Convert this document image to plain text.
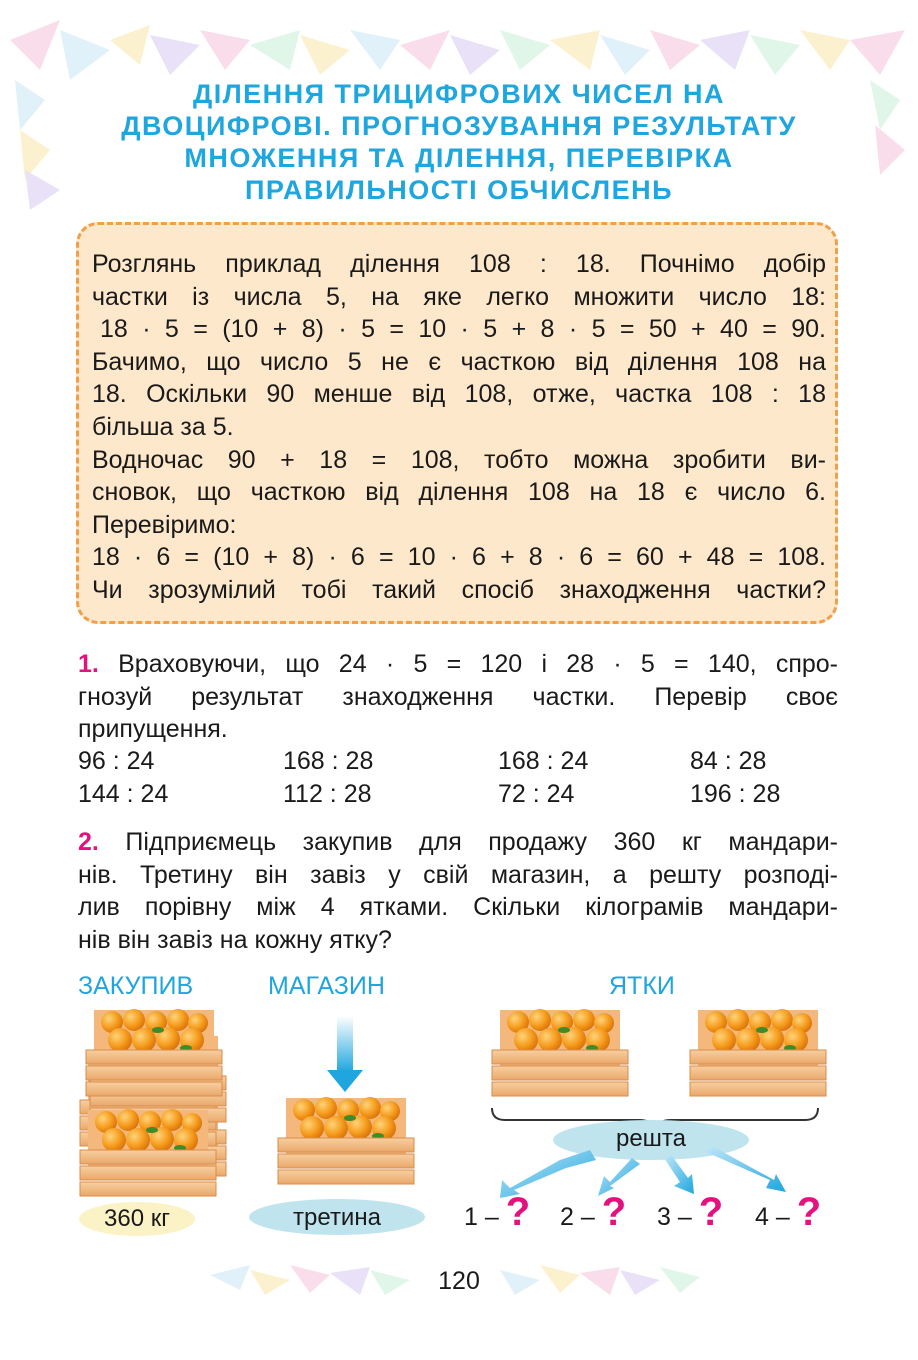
ДІЛЕННЯ ТРИЦИФРОВИХ ЧИСЕЛ НА
ДВОЦИФРОВІ. ПРОГНОЗУВАННЯ РЕЗУЛЬТАТУ
МНОЖЕННЯ ТА ДІЛЕННЯ, ПЕРЕВІРКА
ПРАВИЛЬНОСТІ ОБЧИСЛЕНЬ
Розглянь приклад ділення 108 : 18. Почнімо добір
частки із числа 5, на яке легко множити число 18:
18 · 5 = (10 + 8) · 5 = 10 · 5 + 8 · 5 = 50 + 40 = 90.
Бачимо, що число 5 не є часткою від ділення 108 на
18. Оскільки 90 менше від 108, отже, частка 108 : 18
більша за 5.
Водночас 90 + 18 = 108, тобто можна зробити ви-
сновок, що часткою від ділення 108 на 18 є число 6.
Перевіримо:
18 · 6 = (10 + 8) · 6 = 10 · 6 + 8 · 6 = 60 + 48 = 108.
Чи зрозумілий тобі такий спосіб знаходження частки?
1. Враховуючи, що 24 · 5 = 120 і 28 · 5 = 140, спро-
гнозуй результат знаходження частки. Перевір своє
припущення.
96 : 24	168 : 28	168 : 24	84 : 28
144 : 24	112 : 28	72 : 24	196 : 28
2. Підприємець закупив для продажу 360 кг мандари-
нів. Третину він завіз у свій магазин, а решту розподі-
лив порівну між 4 ятками. Скільки кілограмів мандари-
нів він завіз на кожну ятку?
ЗАКУПИВ	МАГАЗИН	ЯТКИ
360 кг	третина
решта
1 – ? 2 – ? 3 – ? 4 – ?
120
